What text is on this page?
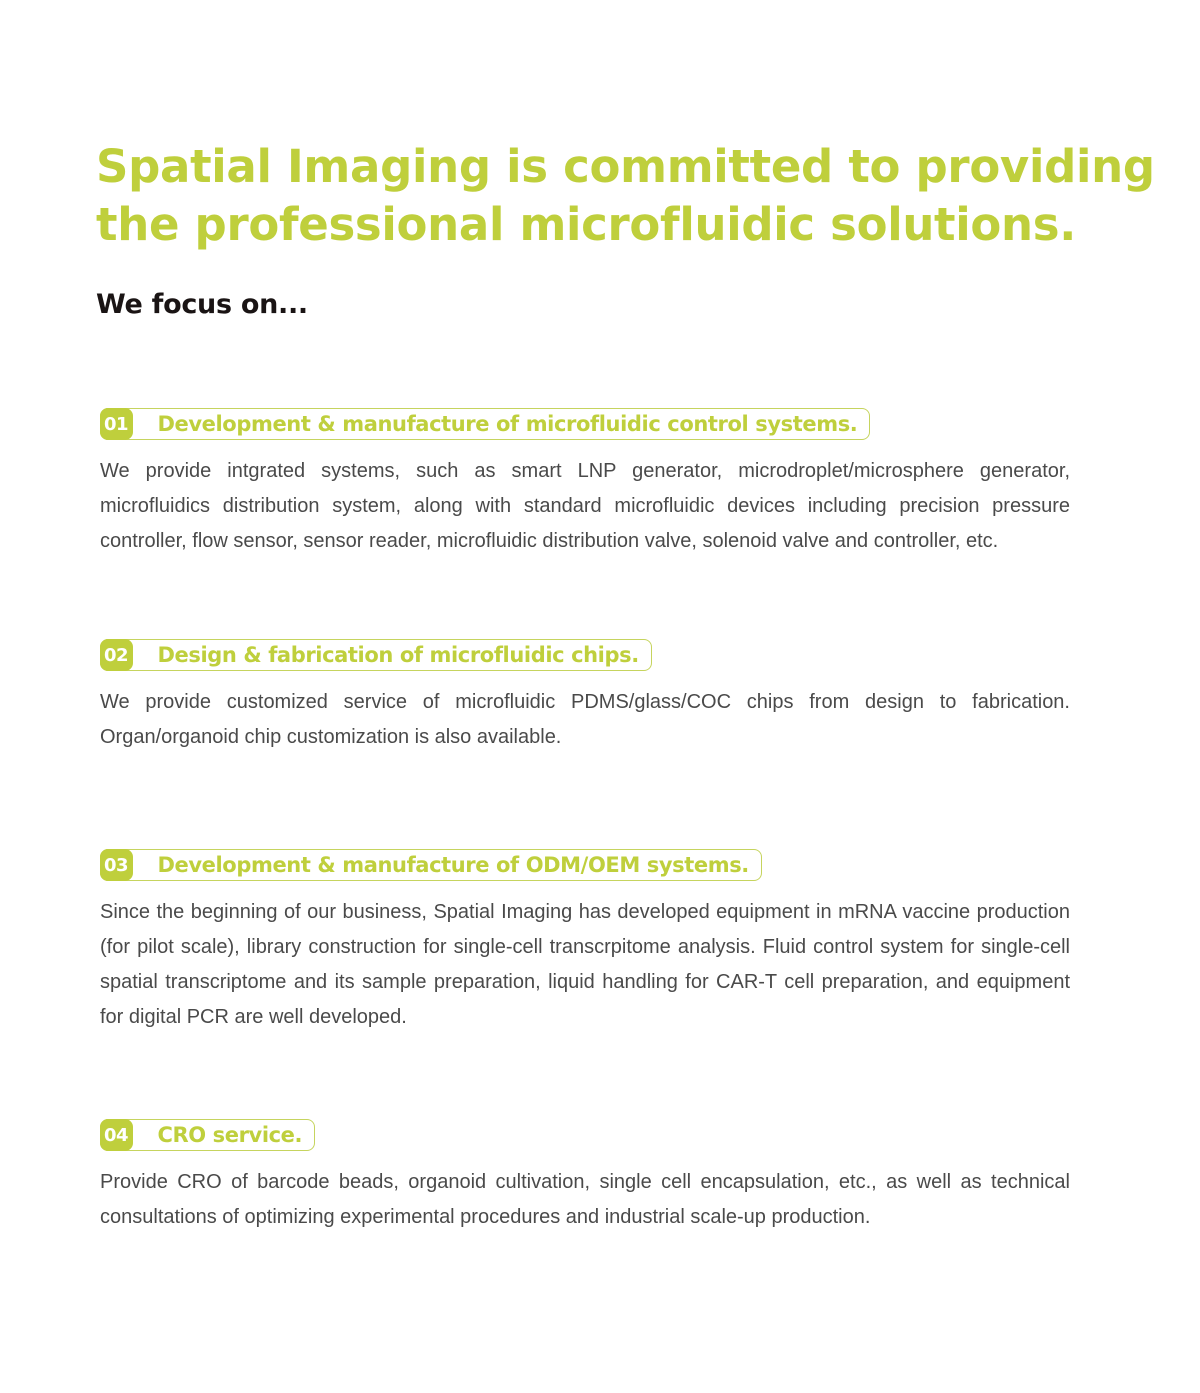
Spatial Imaging is committed to providing the professional microfluidic solutions.
We focus on...
01 Development & manufacture of microfluidic control systems.

We provide intgrated systems, such as smart LNP generator, microdroplet/microsphere generator, microfluidics distribution system, along with standard microfluidic devices including precision pressure controller, flow sensor, sensor reader, microfluidic distribution valve, solenoid valve and controller, etc.

02 Design & fabrication of microfluidic chips.

We provide customized service of microfluidic PDMS/glass/COC chips from design to fabrication. Organ/organoid chip customization is also available.

03 Development & manufacture of ODM/OEM systems.

Since the beginning of our business, Spatial Imaging has developed equipment in mRNA vaccine production (for pilot scale), library construction for single-cell transcrpitome analysis. Fluid control system for single-cell spatial transcriptome and its sample preparation, liquid handling for CAR-T cell preparation, and equipment for digital PCR are well developed.

04 CRO service.

Provide CRO of barcode beads, organoid cultivation, single cell encapsulation, etc., as well as technical consultations of optimizing experimental procedures and industrial scale-up production.
